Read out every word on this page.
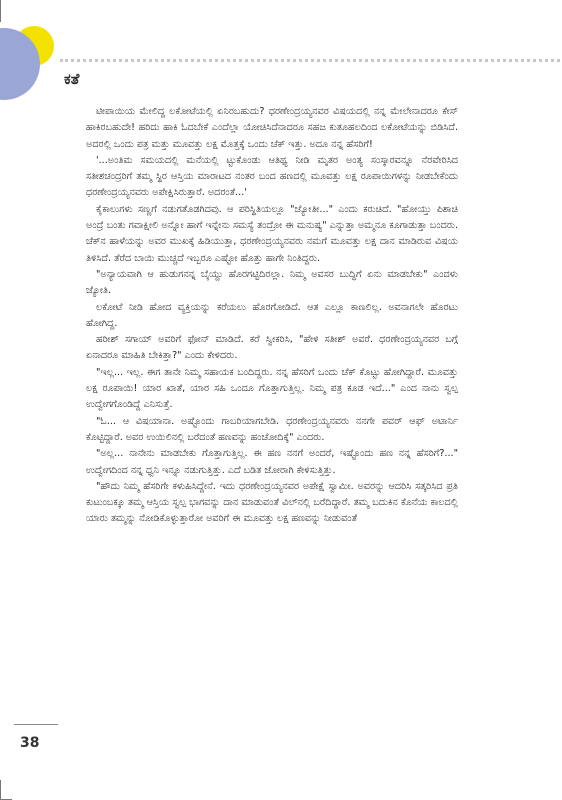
ಕತೆ

ಟೀಪಾಯಿಯ ಮೇಲಿದ್ದ ಲಕೋಟೆಯಲ್ಲಿ ಏನಿರಬಹುದು? ಧರಣೇಂದ್ರಯ್ಯನವರ ವಿಷಯದಲ್ಲಿ ನನ್ನ ಮೇಲೇನಾದರೂ ಕೇಸ್ ಹಾಕಿರಬಹುದೇ! ಹರಿದು ಹಾಕಿ ಓದಬೇಕೆ ಎಂದೆಲ್ಲಾ ಯೋಚಿಸಿದೆನಾದರೂ ಸಹಜ ಕುತೂಹಲದಿಂದ ಲಕೋಟೆಯನ್ನು ಬಿಡಿಸಿದೆ. ಅದರಲ್ಲಿ ಒಂದು ಪತ್ರ ಮತ್ತು ಮೂವತ್ತು ಲಕ್ಷ ಮೊತ್ತಕ್ಕೆ ಒಂದು ಚೆಕ್ ಇತ್ತು. ಅದೂ ನನ್ನ ಹೆಸರಿಗೆ!

'...ಅಂತಿಮ ಸಮಯದಲ್ಲಿ ಮನೆಯಲ್ಲಿ ಟ್ಟುಕೊಂಡು ಆತಿಥ್ಯ ನೀಡಿ ಮೃತರ ಅಂತ್ಯ ಸಂಸ್ಕಾರವನ್ನೂ ನೆರವೇರಿಸಿದ ಸತೀಶಚಂದ್ರರಿಗೆ ತಮ್ಮ ಸ್ಥಿರ ಆಸ್ತಿಯ ಮಾರಾಟದ ನಂತರ ಬಂದ ಹಣದಲ್ಲಿ ಮೂವತ್ತು ಲಕ್ಷ ರೂಪಾಯಿಗಳನ್ನು ನೀಡಬೇಕೆಂದು ಧರಣೇಂದ್ರಯ್ಯನವರು ಅಪೇಕ್ಷಿಸಿರುತ್ತಾರೆ. ಅದರಂತೆ...'

ಕೈಕಾಲುಗಳು ಸಣ್ಣಗೆ ನಡುಗತೊಡಗಿದವು. ಆ ಪರಿಸ್ಥಿತಿಯಲ್ಲೂ "ಜ್ಯೋತೀ..." ಎಂದು ಕರುಚಿದೆ. "ಹೋಯ್ತು ಪಿಶಾಚಿ ಅಂದ್ರೆ ಬಂತು ಗವಾಕ್ಷೀಲಿ ಅನ್ನೋ ಹಾಗೆ ಇನ್ನೇನು ಸಮಸ್ಯೆ ತಂದ್ರೋ ಈ ಮನುಷ್ಯ" ಎನ್ನುತ್ತಾ ಅಮ್ಮನೂ ಕೂಗಾಡುತ್ತಾ ಬಂದರು. ಚೆಕ್‌ನ ಹಾಳೆಯನ್ನು ಅವರ ಮುಖಕ್ಕೆ ಹಿಡಿಯುತ್ತಾ, ಧರಣೇಂದ್ರಯ್ಯನವರು ನಮಗೆ ಮೂವತ್ತು ಲಕ್ಷ ದಾನ ಮಾಡಿರುವ ವಿಷಯ ತಿಳಿಸಿದೆ. ತೆರೆದ ಬಾಯಿ ಮುಚ್ಚದೆ ಇಬ್ಬರೂ ಎಷ್ಟೋ ಹೊತ್ತು ಹಾಗೇ ನಿಂತಿದ್ದರು.

"ಅನ್ಯಾಯವಾಗಿ ಆ ಹುಡುಗನನ್ನ ಬೈಯ್ದು ಹೊರಗಟ್ಟಿದಿರಲ್ಲಾ. ನಿಮ್ಮ ಅವಸರ ಬುದ್ಧಿಗೆ ಏನು ಮಾಡಬೇಕು" ಎಂದಳು ಜ್ಯೋತಿ.

ಲಕೋಟೆ ನೀಡಿ ಹೋದ ವ್ಯಕ್ತಿಯನ್ನು ಕರೆಯಲು ಹೊರಗೋಡಿದೆ. ಆತ ಎಲ್ಲೂ ಕಾಣಲಿಲ್ಲ. ಅವನಾಗಲೇ ಹೊರಟು ಹೋಗಿದ್ದ.

ಹರೀಶ್ ಸಗಾಯ್ ಅವರಿಗೆ ಫೋನ್ ಮಾಡಿದೆ. ಕರೆ ಸ್ವೀಕರಿಸಿ, "ಹೇಳಿ ಸತೀಶ್ ಅವರೆ. ಧರಣೇಂದ್ರಯ್ಯನವರ ಬಗ್ಗೆ ಏನಾದರೂ ಮಾಹಿತಿ ಬೇಕಿತ್ತಾ?" ಎಂದು ಕೇಳಿದರು.

"ಇಲ್ಲ... ಇಲ್ಲ. ಈಗ ತಾನೇ ನಿಮ್ಮ ಸಹಾಯಕ ಬಂದಿದ್ದರು. ನನ್ನ ಹೆಸರಿಗೆ ಒಂದು ಚೆಕ್ ಕೊಟ್ಟು ಹೋಗಿದ್ದಾರೆ. ಮೂವತ್ತು ಲಕ್ಷ ರೂಪಾಯಿ! ಯಾರ ಖಾತೆ, ಯಾರ ಸಹಿ ಒಂದೂ ಗೊತ್ತಾಗುತ್ತಿಲ್ಲ. ನಿಮ್ಮ ಪತ್ರ ಕೂಡ ಇದೆ..." ಎಂದ ನಾನು ಸ್ವಲ್ಪ ಉದ್ವೇಗಗೊಂಡಿದ್ದೆ ಎನಿಸುತ್ತೆ.

"ಓ... ಆ ವಿಷಯಾನಾ. ಅಷ್ಟೊಂದು ಗಾಬರಿಯಾಗಬೇಡಿ. ಧರಣೇಂದ್ರಯ್ಯನವರು ನನಗೇ ಪವರ್ ಆಫ್ ಅಟಾರ್ನಿ ಕೊಟ್ಟಿದ್ದಾರೆ. ಅವರ ಉಯಿಲಿನಲ್ಲಿ ಬರೆದಂತೆ ಹಣವನ್ನು ಹಂಚೋದಿಕ್ಕೆ" ಎಂದರು.

"ಅಲ್ಲ... ನಾನೇನು ಮಾಡಬೇಕು ಗೊತ್ತಾಗುತ್ತಿಲ್ಲ. ಈ ಹಣ ನನಗೆ ಅಂದರೆ, ಇಷ್ಟೊಂದು ಹಣ ನನ್ನ ಹೆಸರಿಗೆ?..." ಉದ್ವೇಗದಿಂದ ನನ್ನ ಧ್ವನಿ ಇನ್ನೂ ನಡುಗುತ್ತಿತ್ತು. ಎದೆ ಬಡಿತ ಜೋರಾಗಿ ಕೇಳಿಸುತ್ತಿತ್ತು.

"ಹೌದು ನಿಮ್ಮ ಹೆಸರಿಗೇ ಕಳುಹಿಸಿದ್ದೇನೆ. ಇದು ಧರಣೇಂದ್ರಯ್ಯನವರ ಅಪೇಕ್ಷೆ ಸ್ವಾಮೀ. ಅವರನ್ನು ಆದರಿಸಿ ಸತ್ಕರಿಸಿದ ಪ್ರತಿ ಕುಟುಂಬಕ್ಕೂ ತಮ್ಮ ಆಸ್ತಿಯ ಸ್ವಲ್ಪ ಭಾಗವನ್ನು ದಾನ ಮಾಡುವಂತೆ ವಿಲ್‌ನಲ್ಲಿ ಬರೆದಿದ್ದಾರೆ. ತಮ್ಮ ಬದುಕಿನ ಕೊನೆಯ ಕಾಲದಲ್ಲಿ ಯಾರು ತಮ್ಮನ್ನು ನೋಡಿಕೊಳ್ಳುತ್ತಾರೋ ಅವರಿಗೆ ಈ ಮೂವತ್ತು ಲಕ್ಷ ಹಣವನ್ನು ನೀಡುವಂತೆ

38
